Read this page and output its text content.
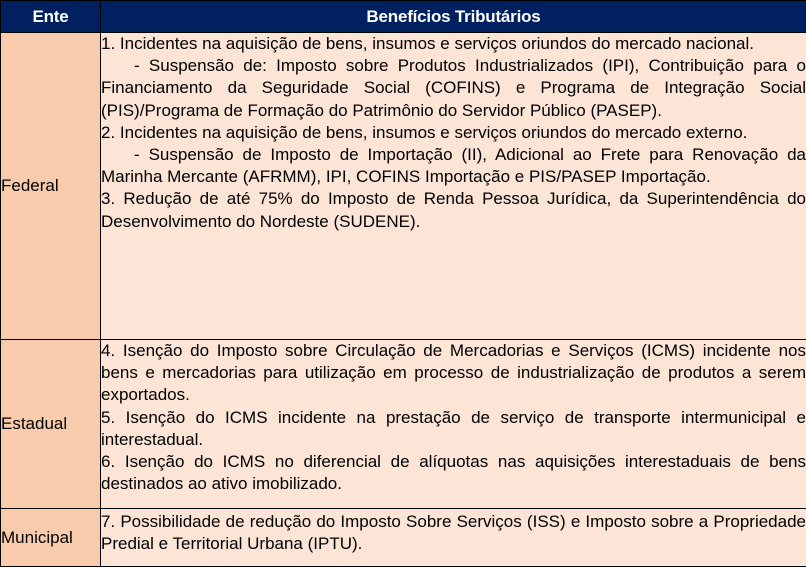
Ente	Benefícios Tributários
Federal	1. Incidentes na aquisição de bens, insumos e serviços oriundos do mercado nacional.

- Suspensão de: Imposto sobre Produtos Industrializados (IPI), Contribuição para o Financiamento da Seguridade Social (COFINS) e Programa de Integração Social (PIS)/Programa de Formação do Patrimônio do Servidor Público (PASEP).

2. Incidentes na aquisição de bens, insumos e serviços oriundos do mercado externo.

- Suspensão de Imposto de Importação (II), Adicional ao Frete para Renovação da Marinha Mercante (AFRMM), IPI, COFINS Importação e PIS/PASEP Importação.

3. Redução de até 75% do Imposto de Renda Pessoa Jurídica, da Superintendência do Desenvolvimento do Nordeste (SUDENE).

Estadual	4. Isenção do Imposto sobre Circulação de Mercadorias e Serviços (ICMS) incidente nos bens e mercadorias para utilização em processo de industrialização de produtos a serem exportados.

5. Isenção do ICMS incidente na prestação de serviço de transporte intermunicipal e interestadual.

6. Isenção do ICMS no diferencial de alíquotas nas aquisições interestaduais de bens destinados ao ativo imobilizado.

Municipal	7. Possibilidade de redução do Imposto Sobre Serviços (ISS) e Imposto sobre a Propriedade Predial e Territorial Urbana (IPTU).
